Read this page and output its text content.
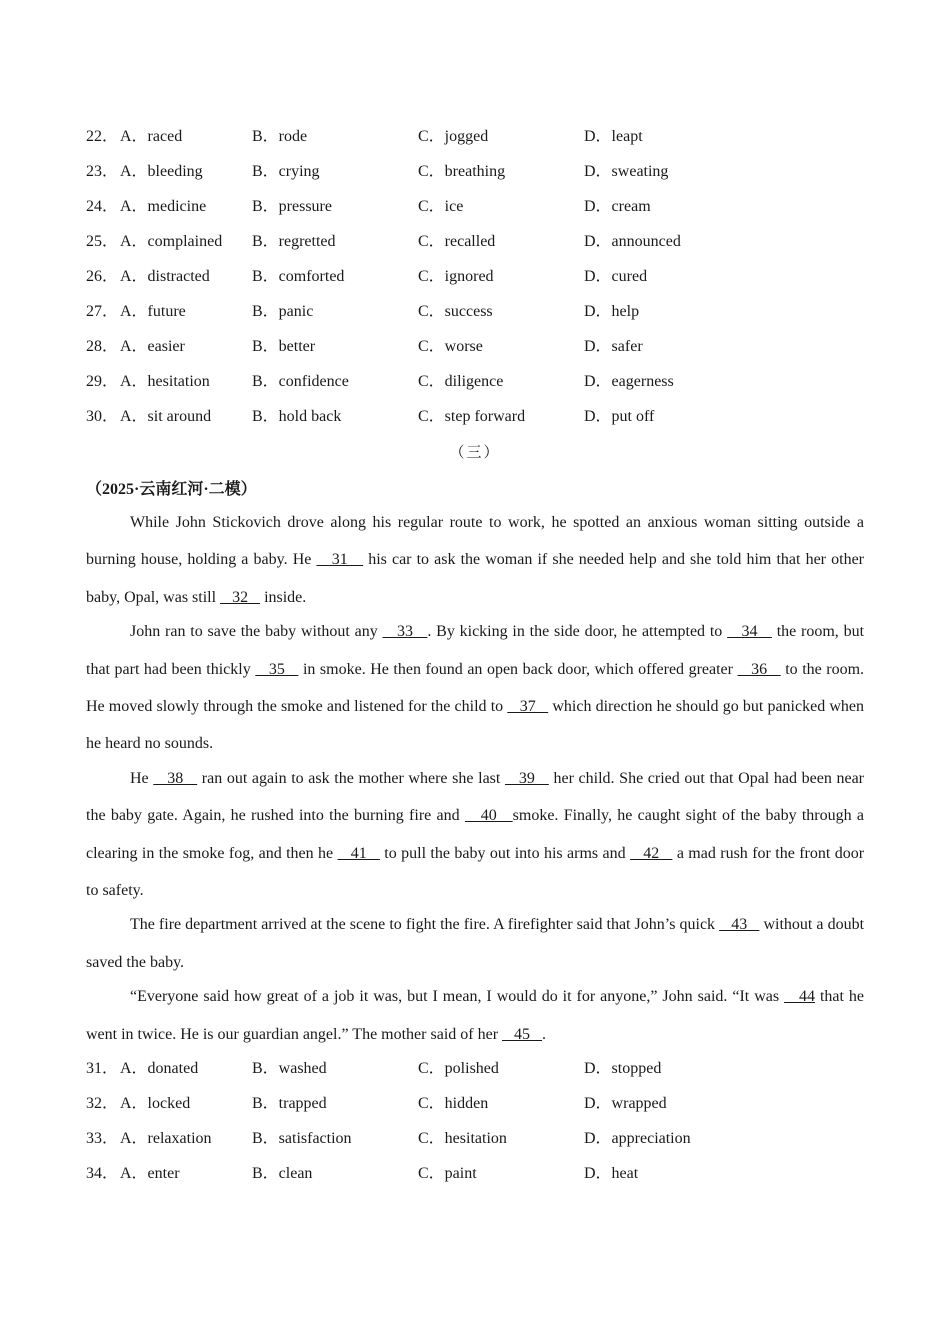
22． A．raced	B．rode	C．jogged	D．leapt
23． A．bleeding	B．crying	C．breathing	D．sweating
24． A．medicine	B．pressure	C．ice	D．cream
25． A．complained B．regretted	C．recalled	D．announced
26． A．distracted	B．comforted	C．ignored	D．cured
27． A．future	B．panic	C．success	D．help
28． A．easier	B．better	C．worse	D．safer
29． A．hesitation	B．confidence	C．diligence	D．eagerness
30． A．sit around	B．hold back	C．step forward	D．put off
（三）
（2025·云南红河·二模）

While John Stickovich drove along his regular route to work, he spotted an anxious woman sitting outside a burning house, holding a baby. He    31    his car to ask the woman if she needed help and she told him that her other baby, Opal, was still    32    inside.

John ran to save the baby without any    33   . By kicking in the side door, he attempted to    34    the room, but that part had been thickly    35    in smoke. He then found an open back door, which offered greater    36    to the room. He moved slowly through the smoke and listened for the child to    37    which direction he should go but panicked when he heard no sounds.

He    38    ran out again to ask the mother where she last    39    her child. She cried out that Opal had been near the baby gate. Again, he rushed into the burning fire and    40   smoke. Finally, he caught sight of the baby through a clearing in the smoke fog, and then he    41    to pull the baby out into his arms and    42    a mad rush for the front door to safety.

The fire department arrived at the scene to fight the fire. A firefighter said that John’s quick    43    without a doubt saved the baby.

“Everyone said how great of a job it was, but I mean, I would do it for anyone,” John said. “It was    44 that he went in twice. He is our guardian angel.” The mother said of her    45   .

31． A．donated	B．washed	C．polished	D．stopped
32． A．locked	B．trapped	C．hidden	D．wrapped
33． A．relaxation	B．satisfaction	C．hesitation	D．appreciation
34． A．enter	B．clean	C．paint	D．heat
